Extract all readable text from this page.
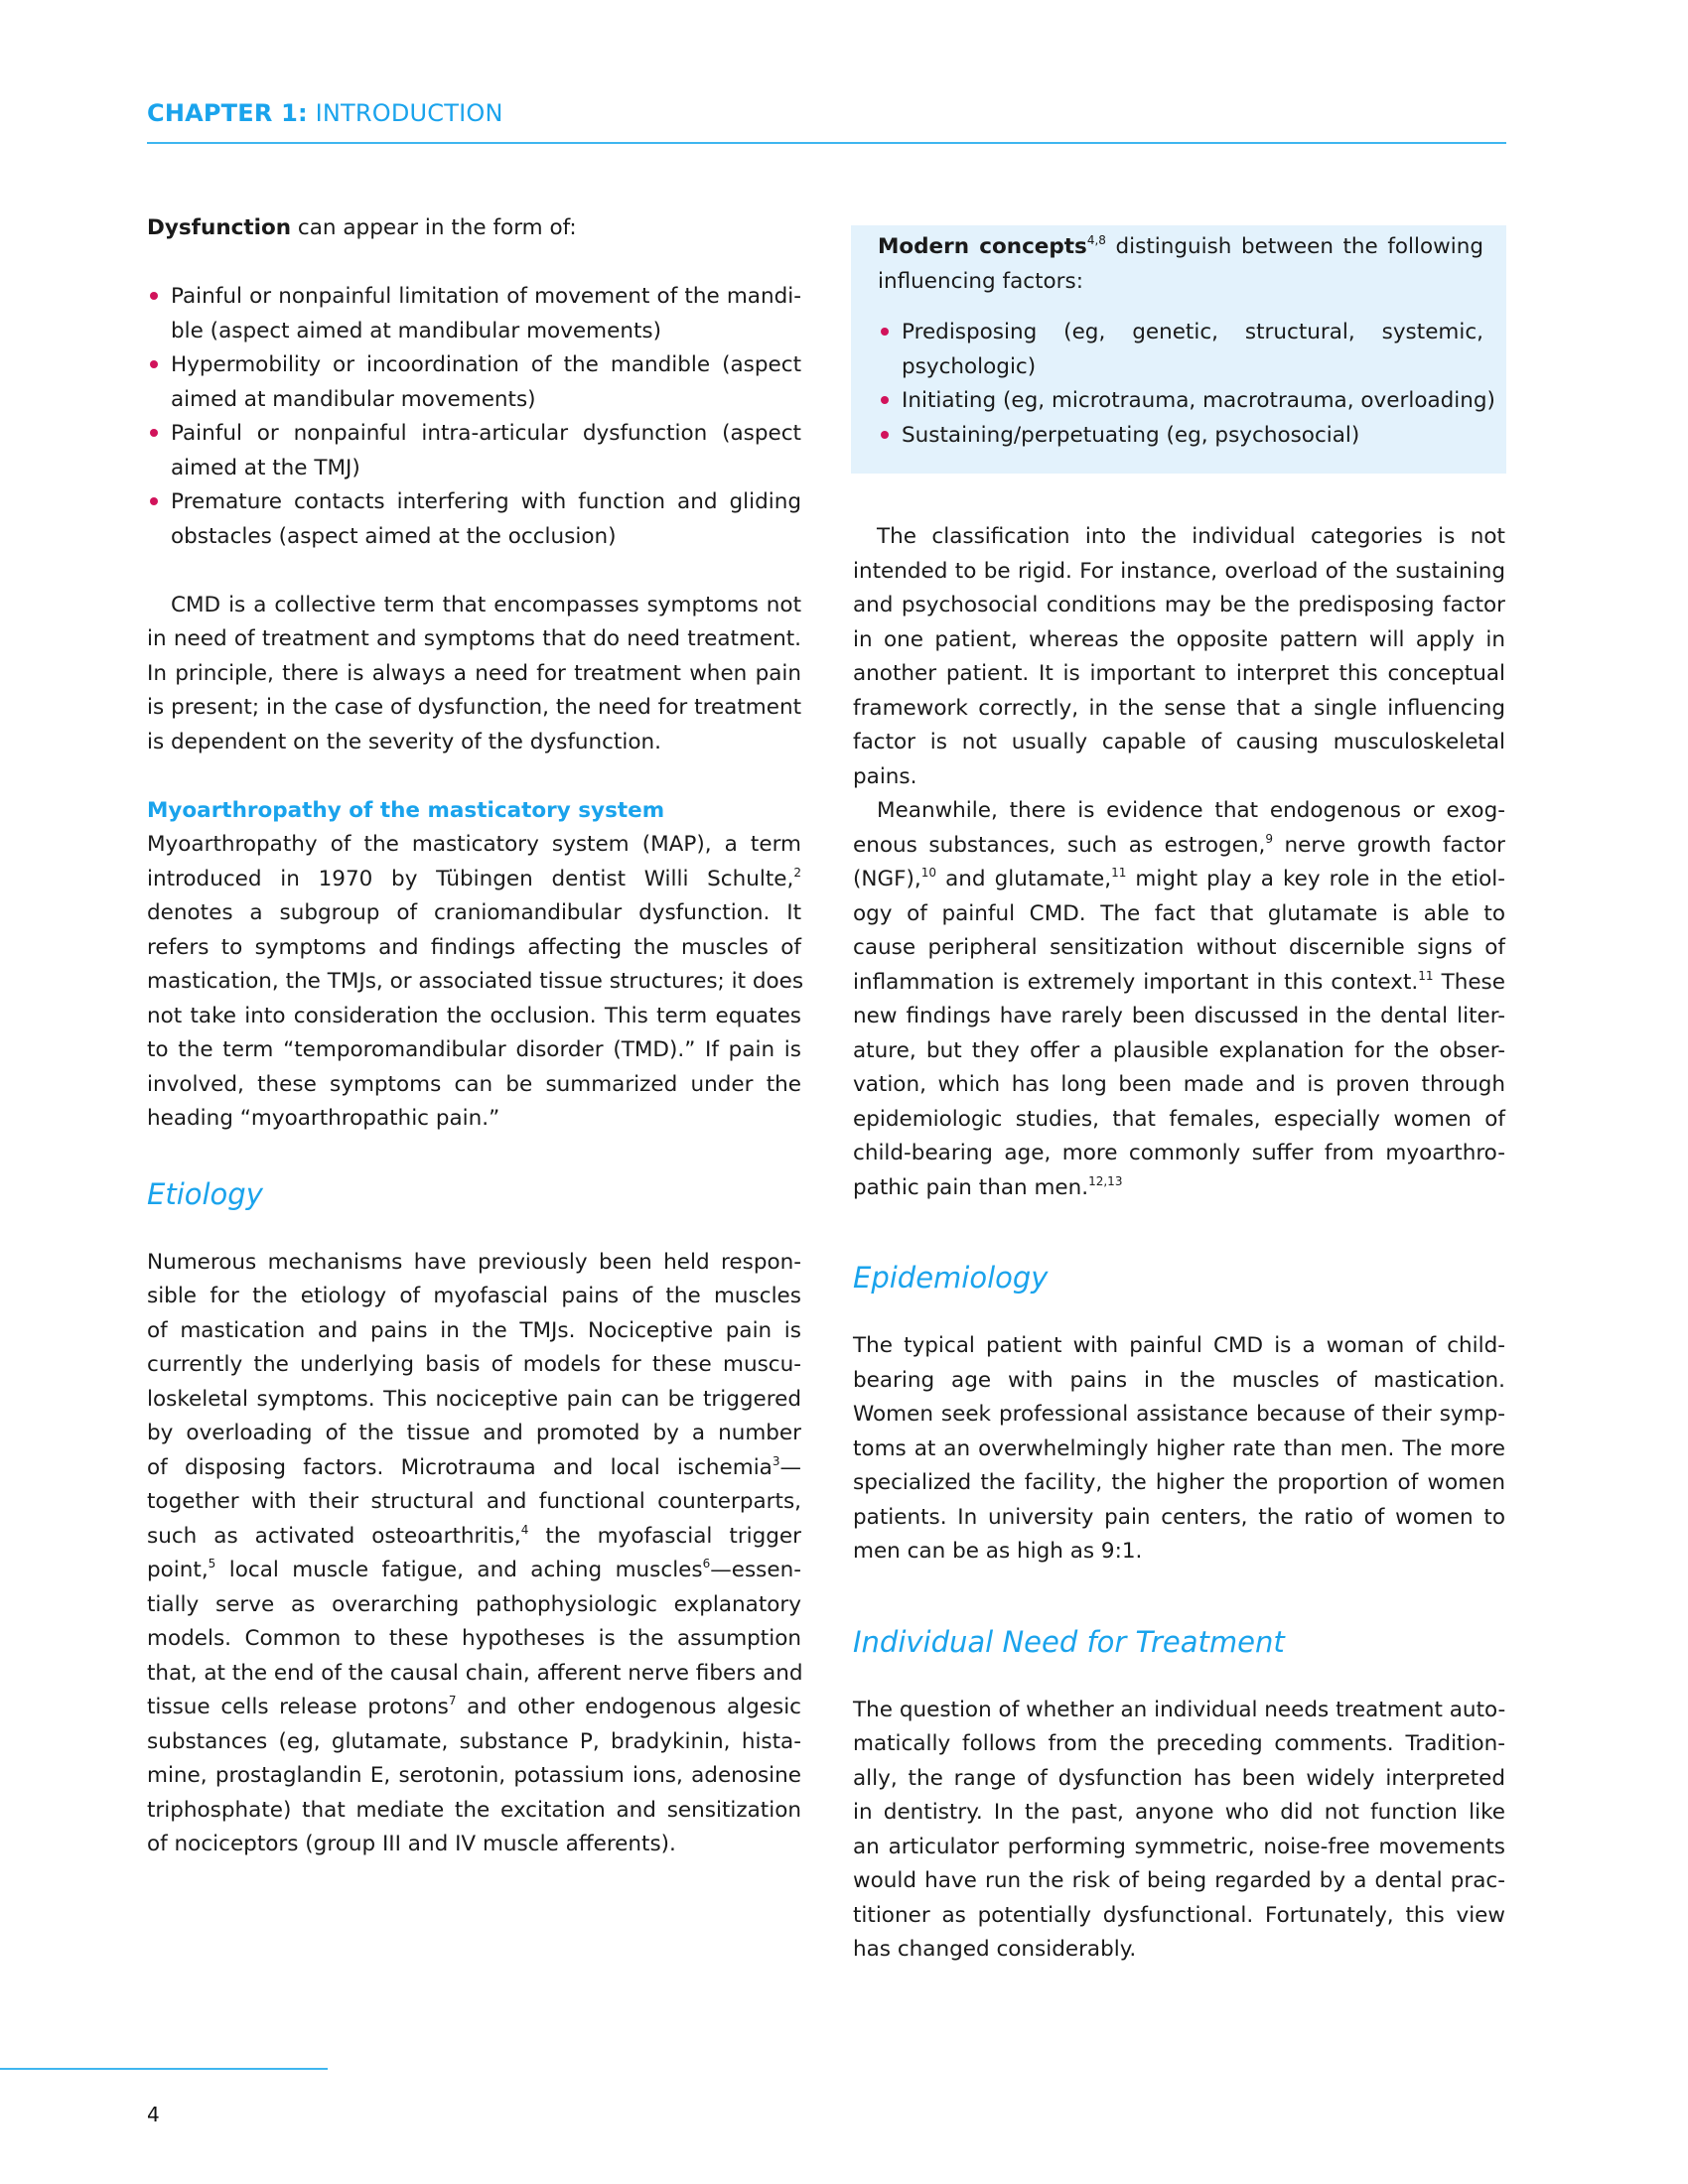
CHAPTER 1: INTRODUCTION
Dysfunction can appear in the form of:
Painful or nonpainful limitation of movement of the mandi-
ble (aspect aimed at mandibular movements)
Hypermobility or incoordination of the mandible (aspect
aimed at mandibular movements)
Painful or nonpainful intra-articular dysfunction (aspect
aimed at the TMJ)
Premature contacts interfering with function and gliding
obstacles (aspect aimed at the occlusion)
CMD is a collective term that encompasses symptoms not
in need of treatment and symptoms that do need treatment.
In principle, there is always a need for treatment when pain
is present; in the case of dysfunction, the need for treatment
is dependent on the severity of the dysfunction.
Myoarthropathy of the masticatory system
Myoarthropathy of the masticatory system (MAP), a term
introduced in 1970 by Tübingen dentist Willi Schulte,$^2$
denotes a subgroup of craniomandibular dysfunction. It
refers to symptoms and findings affecting the muscles of
mastication, the TMJs, or associated tissue structures; it does
not take into consideration the occlusion. This term equates
to the term “temporomandibular disorder (TMD).” If pain is
involved, these symptoms can be summarized under the
heading “myoarthropathic pain.”
Etiology
Numerous mechanisms have previously been held respon-
sible for the etiology of myofascial pains of the muscles
of mastication and pains in the TMJs. Nociceptive pain is
currently the underlying basis of models for these muscu-
loskeletal symptoms. This nociceptive pain can be triggered
by overloading of the tissue and promoted by a number
of disposing factors. Microtrauma and local ischemia$^3$—
together with their structural and functional counterparts,
such as activated osteoarthritis,$^4$ the myofascial trigger
point,$^5$ local muscle fatigue, and aching muscles$^6$—essen-
tially serve as overarching pathophysiologic explanatory
models. Common to these hypotheses is the assumption
that, at the end of the causal chain, afferent nerve fibers and
tissue cells release protons$^7$ and other endogenous algesic
substances (eg, glutamate, substance P, bradykinin, hista-
mine, prostaglandin E, serotonin, potassium ions, adenosine
triphosphate) that mediate the excitation and sensitization
of nociceptors (group III and IV muscle afferents).
Modern concepts$^{4,8}$ distinguish between the following
influencing factors:
Predisposing (eg, genetic, structural, systemic,
psychologic)
Initiating (eg, microtrauma, macrotrauma, overloading)
Sustaining/perpetuating (eg, psychosocial)
The classification into the individual categories is not
intended to be rigid. For instance, overload of the sustaining
and psychosocial conditions may be the predisposing factor
in one patient, whereas the opposite pattern will apply in
another patient. It is important to interpret this conceptual
framework correctly, in the sense that a single influencing
factor is not usually capable of causing musculoskeletal
pains.
Meanwhile, there is evidence that endogenous or exog-
enous substances, such as estrogen,$^9$ nerve growth factor
(NGF),$^{10}$ and glutamate,$^{11}$ might play a key role in the etiol-
ogy of painful CMD. The fact that glutamate is able to
cause peripheral sensitization without discernible signs of
inflammation is extremely important in this context.$^{11}$ These
new findings have rarely been discussed in the dental liter-
ature, but they offer a plausible explanation for the obser-
vation, which has long been made and is proven through
epidemiologic studies, that females, especially women of
child-bearing age, more commonly suffer from myoarthro-
pathic pain than men.$^{12,13}$
Epidemiology
The typical patient with painful CMD is a woman of child-
bearing age with pains in the muscles of mastication.
Women seek professional assistance because of their symp-
toms at an overwhelmingly higher rate than men. The more
specialized the facility, the higher the proportion of women
patients. In university pain centers, the ratio of women to
men can be as high as 9:1.
Individual Need for Treatment
The question of whether an individual needs treatment auto-
matically follows from the preceding comments. Tradition-
ally, the range of dysfunction has been widely interpreted
in dentistry. In the past, anyone who did not function like
an articulator performing symmetric, noise-free movements
would have run the risk of being regarded by a dental prac-
titioner as potentially dysfunctional. Fortunately, this view
has changed considerably.
4
